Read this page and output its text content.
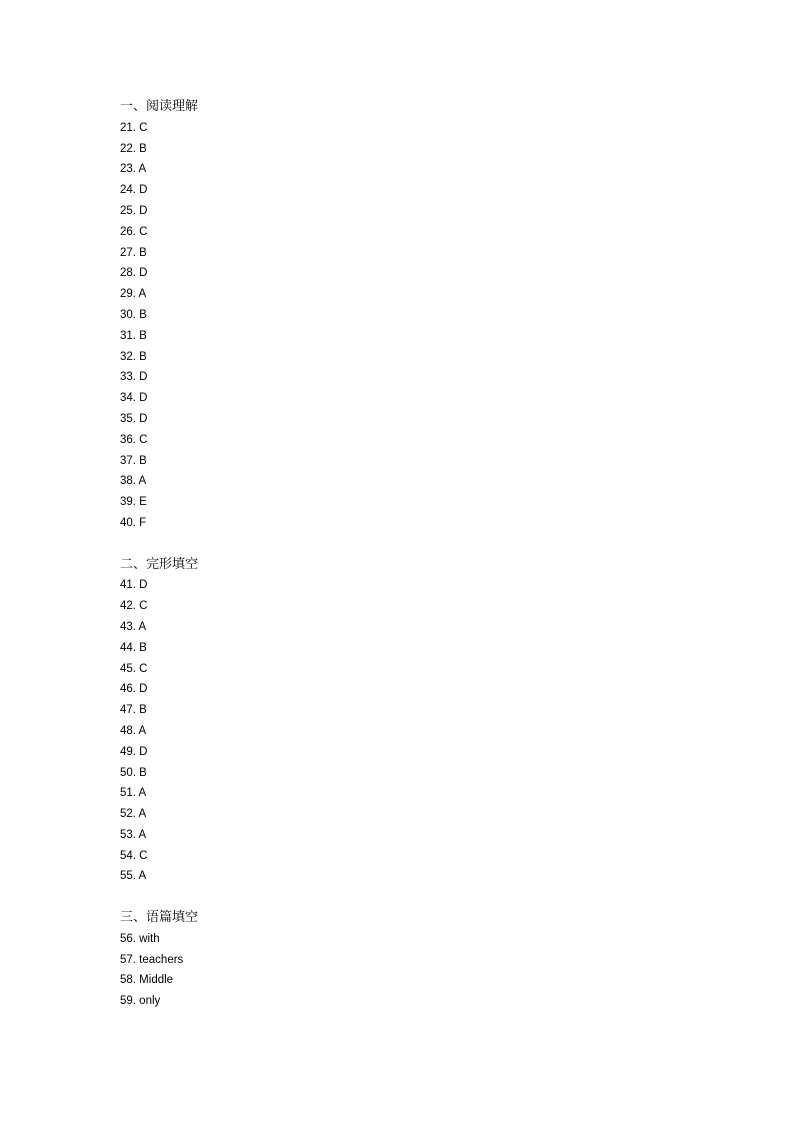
一、阅读理解
21. C
22. B
23. A
24. D
25. D
26. C
27. B
28. D
29. A
30. B
31. B
32. B
33. D
34. D
35. D
36. C
37. B
38. A
39. E
40. F
二、完形填空
41. D
42. C
43. A
44. B
45. C
46. D
47. B
48. A
49. D
50. B
51. A
52. A
53. A
54. C
55. A
三、语篇填空
56. with
57. teachers
58. Middle
59. only
